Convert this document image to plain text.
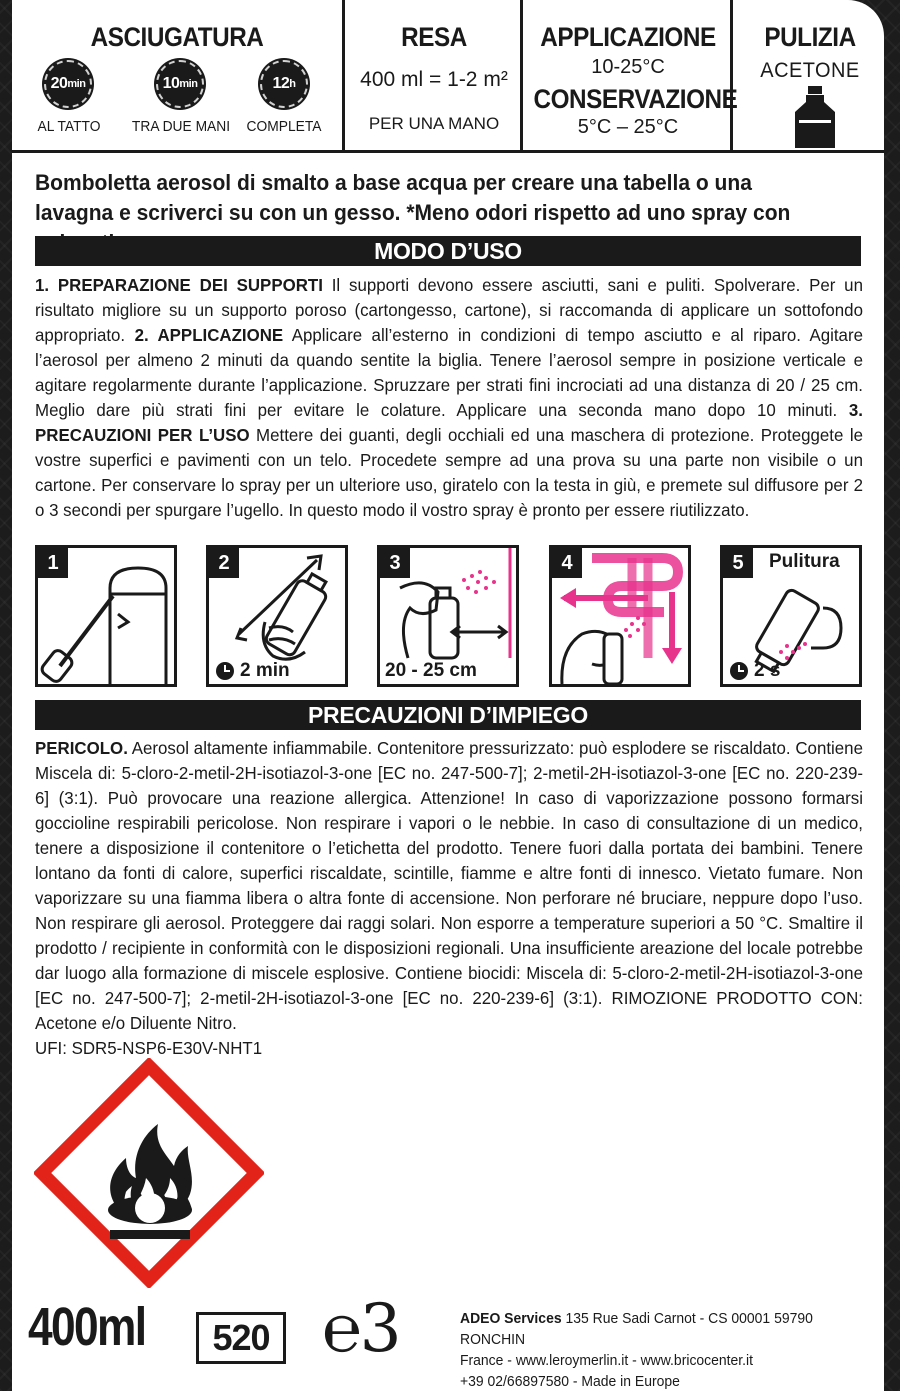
ASCIUGATURA
20 min	10 min	12 h
AL TATTO TRA DUE MANI COMPLETA
RESA
400 ml = 1-2 m²
PER UNA MANO
APPLICAZIONE
10-25°C
CONSERVAZIONE
5°C – 25°C
PULIZIA
ACETONE
Bomboletta aerosol di smalto a base acqua per creare una tabella o una lavagna e scriverci su con un gesso. *Meno odori rispetto ad uno spray con
MODO D’USO
1. PREPARAZIONE DEI SUPPORTI Il supporti devono essere asciutti, sani e puliti. Spolverare. Per un risultato migliore su un supporto poroso (cartongesso, cartone), si raccomanda di applicare un sottofondo appropriato. 2. APPLICAZIONE Applicare all’esterno in condizioni di tempo asciutto e al riparo. Agitare l’aerosol per almeno 2 minuti da quando sentite la biglia. Tenere l’aerosol sempre in posizione verticale e agitare regolarmente durante l’applicazione. Spruzzare per strati fini incrociati ad una distanza di 20 / 25 cm. Meglio dare più strati fini per evitare le colature. Applicare una seconda mano dopo 10 minuti. 3. PRECAUZIONI PER L’USO Mettere dei guanti, degli occhiali ed una maschera di protezione. Proteggete le vostre superfici e pavimenti con un telo. Procedete sempre ad una prova su una parte non visibile o un cartone. Per conservare lo spray per un ulteriore uso, giratelo con la testa in giù, e premete sul diffusore per 2 o 3 secondi per spurgare l’ugello. In questo modo il vostro spray è pronto per essere riutilizzato.
1	2
2 min
3
20 - 25 cm
4	5	Pulitura
2 s
PRECAUZIONI D’IMPIEGO
PERICOLO. Aerosol altamente infiammabile. Contenitore pressurizzato: può esplodere se riscaldato. Contiene Miscela di: 5-cloro-2-metil-2H-isotiazol-3-one [EC no. 247-500-7]; 2-metil-2H-isotiazol-3-one [EC no. 220-239-6] (3:1). Può provocare una reazione allergica. Attenzione! In caso di vaporizzazione possono formarsi goccioline respirabili pericolose. Non respirare i vapori o le nebbie. In caso di consultazione di un medico, tenere a disposizione il contenitore o l’etichetta del prodotto. Tenere fuori dalla portata dei bambini. Tenere lontano da fonti di calore, superfici riscaldate, scintille, fiamme e altre fonti di innesco. Vietato fumare. Non vaporizzare su una fiamma libera o altra fonte di accensione. Non perforare né bruciare, neppure dopo l’uso. Non respirare gli aerosol. Proteggere dai raggi solari. Non esporre a temperature superiori a 50 °C. Smaltire il prodotto / recipiente in conformità con le disposizioni regionali. Una insufficiente areazione del locale potrebbe dar luogo alla formazione di miscele esplosive. Contiene biocidi: Miscela di: 5-cloro-2-metil-2H-isotiazol-3-one [EC no. 247-500-7]; 2-metil-2H-isotiazol-3-one [EC no. 220-239-6] (3:1). RIMOZIONE PRODOTTO CON: Acetone e/o Diluente Nitro.
UFI: SDR5-NSP6-E30V-NHT1
400ml	520 ℮3	ADEO Services 135 Rue Sadi Carnot - CS 00001 59790 RONCHIN
France - www.leroymerlin.it - www.bricocenter.it
+39 02/66897580 - Made in Europe
